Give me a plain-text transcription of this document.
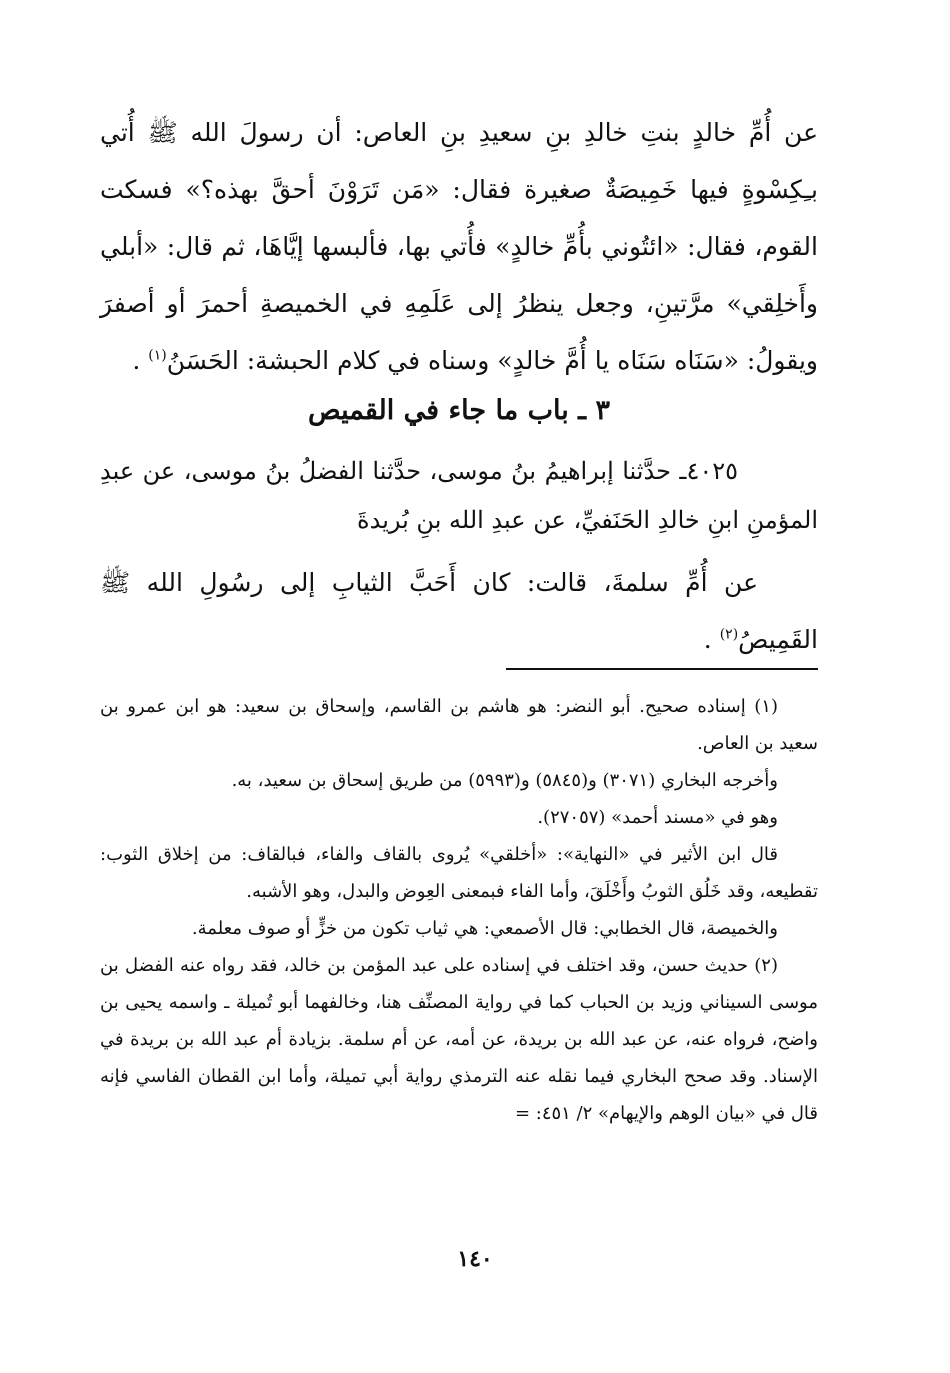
عن أُمِّ خالدٍ بنتِ خالدِ بنِ سعيدِ بنِ العاص: أن رسولَ الله ﷺ أُتي بـِكِسْوةٍ فيها خَمِيصَةٌ صغيرة فقال: «مَن تَرَوْنَ أحقَّ بهذه؟» فسكت القوم، فقال: «ائتُوني بأُمِّ خالدٍ» فأُتي بها، فألبسها إيَّاهَا، ثم قال: «أبلي وأَخلِقي» مرَّتينِ، وجعل ينظرُ إلى عَلَمِهِ في الخميصةِ أحمرَ أو أصفرَ ويقولُ: «سَنَاه سَنَاه يا أُمَّ خالدٍ» وسناه في كلام الحبشة: الحَسَنُ$^{(١)}$ .
٣ ـ باب ما جاء في القميص
٤٠٢٥ـ حدَّثنا إبراهيمُ بنُ موسى، حدَّثنا الفضلُ بنُ موسى، عن عبدِ المؤمنِ ابنِ خالدِ الحَنَفيِّ، عن عبدِ الله بنِ بُريدةَ
عن أُمِّ سلمةَ، قالت: كان أَحَبَّ الثيابِ إلى رسُولِ الله ﷺ القَمِيصُ$^{(٢)}$ .

(١) إسناده صحيح. أبو النضر: هو هاشم بن القاسم، وإسحاق بن سعيد: هو ابن عمرو بن سعيد بن العاص.

وأخرجه البخاري (٣٠٧١) و(٥٨٤٥) و(٥٩٩٣) من طريق إسحاق بن سعيد، به.

وهو في «مسند أحمد» (٢٧٠٥٧).

قال ابن الأثير في «النهاية»: «أخلقي» يُروى بالقاف والفاء، فبالقاف: من إخلاق الثوب: تقطيعه، وقد خَلُق الثوبُ وأَخْلَقَ، وأما الفاء فبمعنى العِوض والبدل، وهو الأشبه.

والخميصة، قال الخطابي: قال الأصمعي: هي ثياب تكون من خزٍّ أو صوف معلمة.

(٢) حديث حسن، وقد اختلف في إسناده على عبد المؤمن بن خالد، فقد رواه عنه الفضل بن موسى السيناني وزيد بن الحباب كما في رواية المصنِّف هنا، وخالفهما أبو تُميلة ـ واسمه يحيى بن واضح، فرواه عنه، عن عبد الله بن بريدة، عن أمه، عن أم سلمة. بزيادة أم عبد الله بن بريدة في الإسناد. وقد صحح البخاري فيما نقله عنه الترمذي رواية أبي تميلة، وأما ابن القطان الفاسي فإنه قال في «بيان الوهم والإيهام» ٢/ ٤٥١: =

١٤٠
